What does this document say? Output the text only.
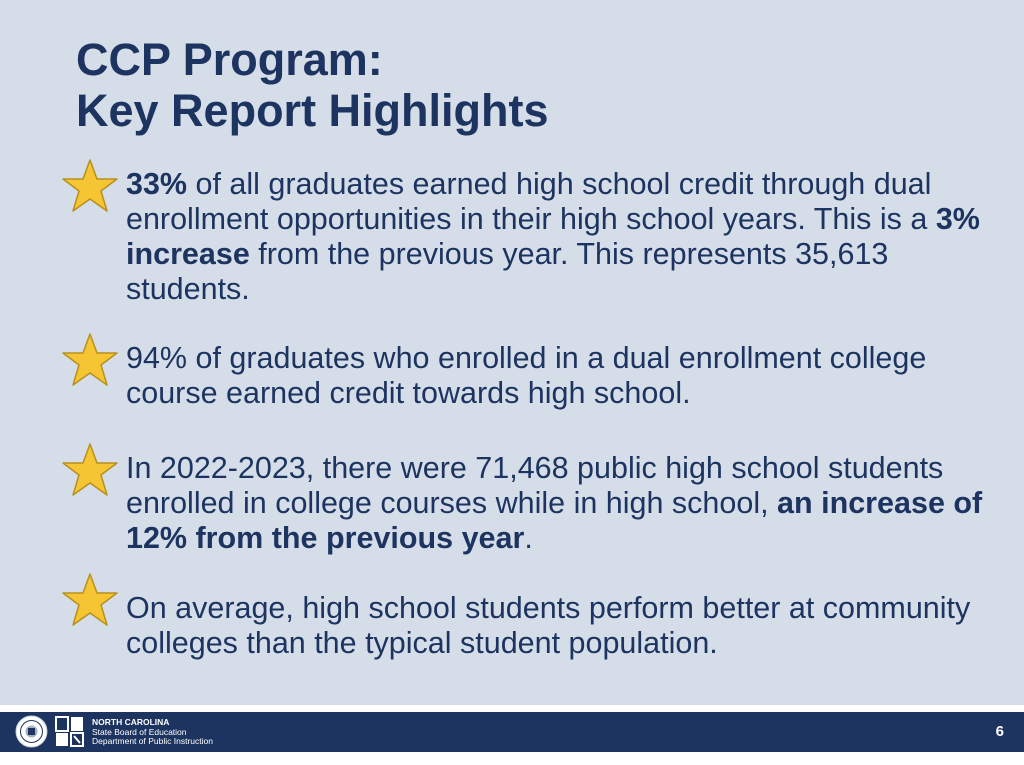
CCP Program:
Key Report Highlights

33% of all graduates earned high school credit through dual enrollment opportunities in their high school years. This is a 3% increase from the previous year. This represents 35,613 students.

94% of graduates who enrolled in a dual enrollment college course earned credit towards high school.

In 2022-2023, there were 71,468 public high school students enrolled in college courses while in high school, an increase of 12% from the previous year.

On average, high school students perform better at community colleges than the typical student population.

NORTH CAROLINA
State Board of Education
Department of Public Instruction
6
